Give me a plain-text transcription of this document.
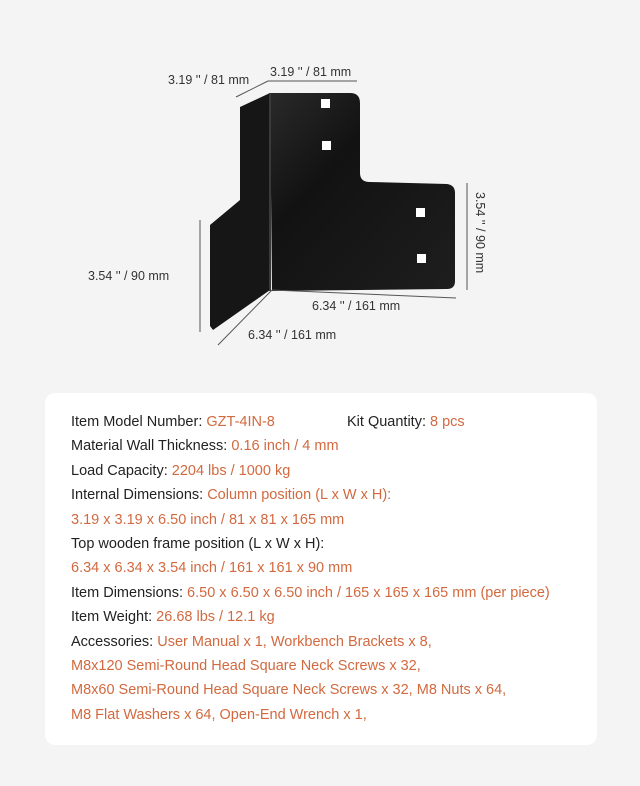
3.19 '' / 81 mm
3.19 '' / 81 mm
3.54 '' / 90 mm
3.54 '' / 90 mm
6.34 '' / 161 mm
6.34 '' / 161 mm
Item Model Number: GZT-4IN-8	Kit Quantity: 8 pcs
Material Wall Thickness: 0.16 inch / 4 mm
Load Capacity: 2204 lbs / 1000 kg
Internal Dimensions: Column position (L x W x H):
3.19 x 3.19 x 6.50 inch / 81 x 81 x 165 mm
Top wooden frame position (L x W x H):
6.34 x 6.34 x 3.54 inch / 161 x 161 x 90 mm
Item Dimensions: 6.50 x 6.50 x 6.50 inch / 165 x 165 x 165 mm (per piece)
Item Weight: 26.68 lbs / 12.1 kg
Accessories: User Manual x 1, Workbench Brackets x 8,
M8x120 Semi-Round Head Square Neck Screws x 32,
M8x60 Semi-Round Head Square Neck Screws x 32, M8 Nuts x 64,
M8 Flat Washers x 64, Open-End Wrench x 1,
